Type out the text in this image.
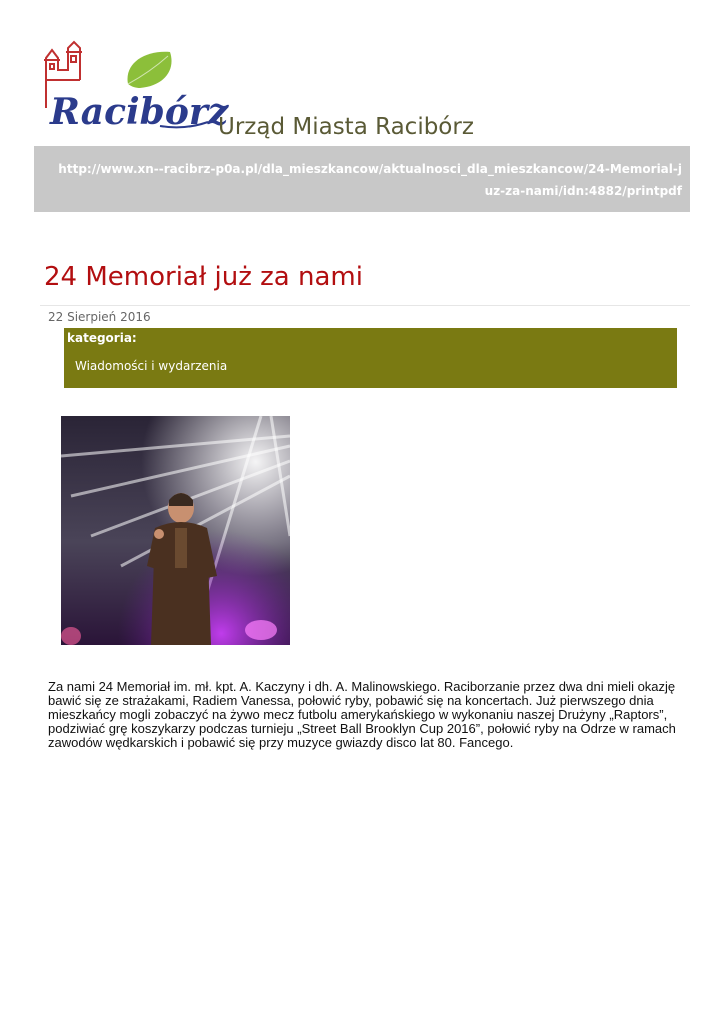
Racibórz
Urząd Miasta Racibórz
http://www.xn--racibrz-p0a.pl/dla_mieszkancow/aktualnosci_dla_mieszkancow/24-Memorial-j
uz-za-nami/idn:4882/printpdf
24 Memoriał już za nami
22 Sierpień 2016
kategoria:
Wiadomości i wydarzenia

Za nami 24 Memoriał im. mł. kpt. A. Kaczyny i dh. A. Malinowskiego. Raciborzanie przez dwa dni mieli okazję bawić się ze strażakami, Radiem Vanessa, połowić ryby, pobawić się na koncertach. Już pierwszego dnia mieszkańcy mogli zobaczyć na żywo mecz futbolu amerykańskiego w wykonaniu naszej Drużyny „Raptors”, podziwiać grę koszykarzy podczas turnieju „Street Ball Brooklyn Cup 2016”, połowić ryby na Odrze w ramach zawodów wędkarskich i pobawić się przy muzyce gwiazdy disco lat 80. Fancego.
